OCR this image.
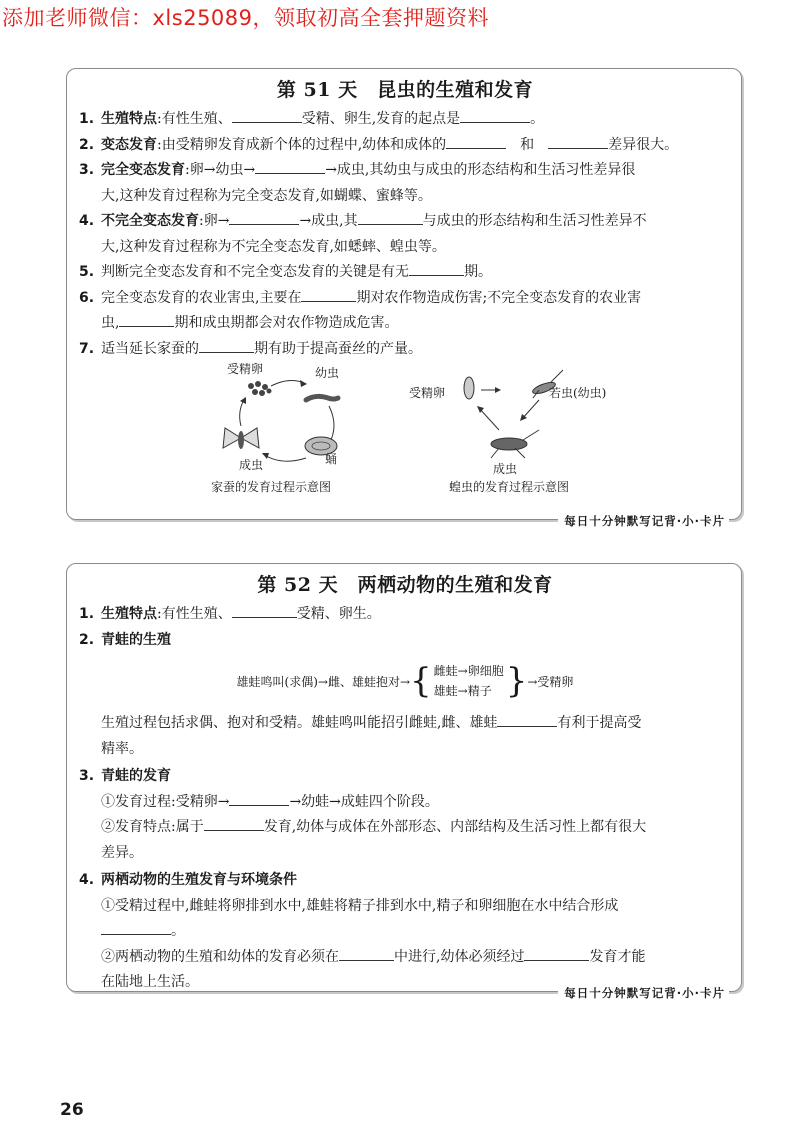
添加老师微信：xls25089，领取初高全套押题资料
第 51 天　昆虫的生殖和发育
1. 生殖特点:有性生殖、	受精、卵生,发育的起点是	。
2. 变态发育:由受精卵发育成新个体的过程中,幼体和成体的　	和　	差异很大。
3. 完全变态发育:卵→幼虫→	→成虫,其幼虫与成虫的形态结构和生活习性差异很
大,这种发育过程称为完全变态发育,如蝴蝶、蜜蜂等。
4. 不完全变态发育:卵→	→成虫,其	与成虫的形态结构和生活习性差异不
大,这种发育过程称为不完全变态发育,如蟋蟀、蝗虫等。
5. 判断完全变态发育和不完全变态发育的关键是有无	期。
6. 完全变态发育的农业害虫,主要在	期对农作物造成伤害;不完全变态发育的农业害
虫,	期和成虫期都会对农作物造成危害。
7. 适当延长家蚕的	期有助于提高蚕丝的产量。
受精卵	幼虫
成虫	蛹
家蚕的发育过程示意图
受精卵	若虫(幼虫)
成虫
蝗虫的发育过程示意图
每日十分钟默写记背·小·卡片
第 52 天　两栖动物的生殖和发育
1. 生殖特点:有性生殖、	受精、卵生。
2. 青蛙的生殖
雄蛙鸣叫(求偶)→雌、雄蛙抱对→ { 雌蛙→卵细胞
雄蛙→精子 } →受精卵
生殖过程包括求偶、抱对和受精。雄蛙鸣叫能招引雌蛙,雌、雄蛙	有利于提高受
精率。
3. 青蛙的发育
①发育过程:受精卵→	→幼蛙→成蛙四个阶段。
②发育特点:属于	发育,幼体与成体在外部形态、内部结构及生活习性上都有很大
差异。
4. 两栖动物的生殖发育与环境条件
①受精过程中,雌蛙将卵排到水中,雄蛙将精子排到水中,精子和卵细胞在水中结合形成
。
②两栖动物的生殖和幼体的发育必须在	中进行,幼体必须经过	发育才能
在陆地上生活。
每日十分钟默写记背·小·卡片
26
